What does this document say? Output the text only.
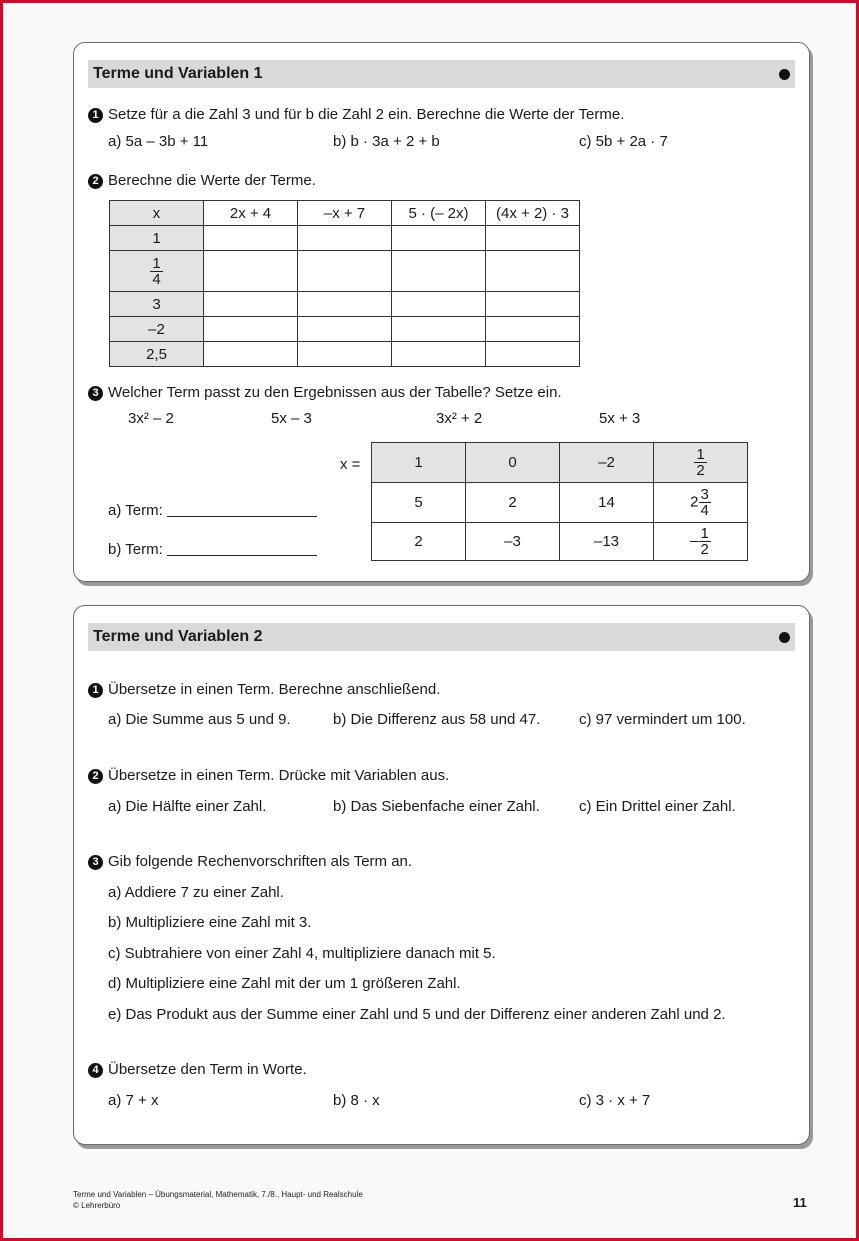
Terme und Variablen 1
1 Setze für a die Zahl 3 und für b die Zahl 2 ein. Berechne die Werte der Terme.
a) 5a – 3b + 11	b) b · 3a + 2 + b	c) 5b + 2a · 7
2 Berechne die Werte der Terme.
x	2x + 4	–x + 7	5 · (– 2x)	(4x + 2) · 3
1				

$\frac{1}{4}$

3				
–2				
2,5				
3 Welcher Term passt zu den Ergebnissen aus der Tabelle? Setze ein.
3x² – 2	5x – 3	3x² + 2	5x + 3
x =	1	0	–2	$\frac{1}{2}$

5	2	14	$2 \frac{3}{4}$

2	–3	–13	– $\frac{1}{2}$
a) Term:
b) Term:
Terme und Variablen 2
1 Übersetze in einen Term. Berechne anschließend.
a) Die Summe aus 5 und 9.	b) Die Differenz aus 58 und 47.	c) 97 vermindert um 100.
2 Übersetze in einen Term. Drücke mit Variablen aus.
a) Die Hälfte einer Zahl.	b) Das Siebenfache einer Zahl.	c) Ein Drittel einer Zahl.
3 Gib folgende Rechenvorschriften als Term an.
a) Addiere 7 zu einer Zahl.
b) Multipliziere eine Zahl mit 3.
c) Subtrahiere von einer Zahl 4, multipliziere danach mit 5.
d) Multipliziere eine Zahl mit der um 1 größeren Zahl.
e) Das Produkt aus der Summe einer Zahl und 5 und der Differenz einer anderen Zahl und 2.
4 Übersetze den Term in Worte.
a) 7 + x	b) 8 · x	c) 3 · x + 7
Terme und Variablen – Übungsmaterial, Mathematik, 7./8., Haupt- und Realschule
© Lehrerbüro	11
